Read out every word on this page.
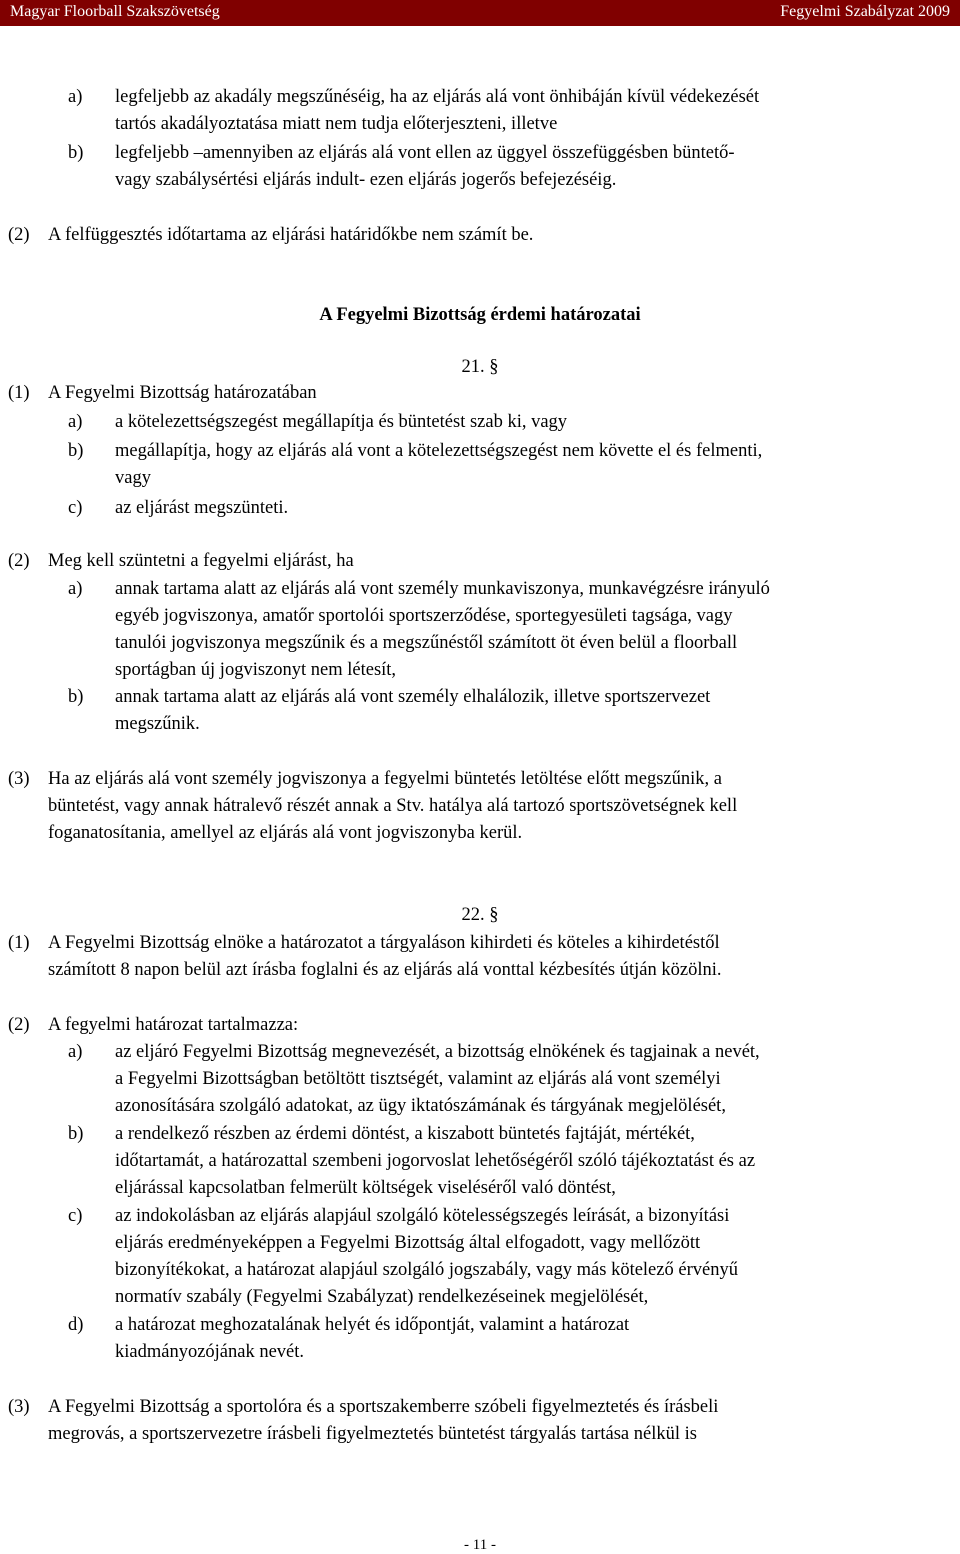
Magyar Floorball Szakszövetség	Fegyelmi Szabályzat 2009
A Fegyelmi Bizottság érdemi határozatai
21. §
22. §
a) legfeljebb az akadály megszűnéséig, ha az eljárás alá vont önhibáján kívül védekezését
tartós akadályoztatása miatt nem tudja előterjeszteni, illetve
b) legfeljebb –amennyiben az eljárás alá vont ellen az üggyel összefüggésben büntető-
vagy szabálysértési eljárás indult- ezen eljárás jogerős befejezéséig.
(2) A felfüggesztés időtartama az eljárási határidőkbe nem számít be.
(1) A Fegyelmi Bizottság határozatában
a) a kötelezettségszegést megállapítja és büntetést szab ki, vagy
b) megállapítja, hogy az eljárás alá vont a kötelezettségszegést nem követte el és felmenti,
vagy
c) az eljárást megszünteti.
(2) Meg kell szüntetni a fegyelmi eljárást, ha
a) annak tartama alatt az eljárás alá vont személy munkaviszonya, munkavégzésre irányuló
egyéb jogviszonya, amatőr sportolói sportszerződése, sportegyesületi tagsága, vagy
tanulói jogviszonya megszűnik és a megszűnéstől számított öt éven belül a floorball
sportágban új jogviszonyt nem létesít,
b) annak tartama alatt az eljárás alá vont személy elhalálozik, illetve sportszervezet
megszűnik.
(3) Ha az eljárás alá vont személy jogviszonya a fegyelmi büntetés letöltése előtt megszűnik, a
büntetést, vagy annak hátralevő részét annak a Stv. hatálya alá tartozó sportszövetségnek kell
foganatosítania, amellyel az eljárás alá vont jogviszonyba kerül.
(1) A Fegyelmi Bizottság elnöke a határozatot a tárgyaláson kihirdeti és köteles a kihirdetéstől
számított 8 napon belül azt írásba foglalni és az eljárás alá vonttal kézbesítés útján közölni.
(2) A fegyelmi határozat tartalmazza:
a) az eljáró Fegyelmi Bizottság megnevezését, a bizottság elnökének és tagjainak a nevét,
a Fegyelmi Bizottságban betöltött tisztségét, valamint az eljárás alá vont személyi
azonosítására szolgáló adatokat, az ügy iktatószámának és tárgyának megjelölését,
b) a rendelkező részben az érdemi döntést, a kiszabott büntetés fajtáját, mértékét,
időtartamát, a határozattal szembeni jogorvoslat lehetőségéről szóló tájékoztatást és az
eljárással kapcsolatban felmerült költségek viseléséről való döntést,
c) az indokolásban az eljárás alapjául szolgáló kötelességszegés leírását, a bizonyítási
eljárás eredményeképpen a Fegyelmi Bizottság által elfogadott, vagy mellőzött
bizonyítékokat, a határozat alapjául szolgáló jogszabály, vagy más kötelező érvényű
normatív szabály (Fegyelmi Szabályzat) rendelkezéseinek megjelölését,
d) a határozat meghozatalának helyét és időpontját, valamint a határozat
kiadmányozójának nevét.
(3) A Fegyelmi Bizottság a sportolóra és a sportszakemberre szóbeli figyelmeztetés és írásbeli
megrovás, a sportszervezetre írásbeli figyelmeztetés büntetést tárgyalás tartása nélkül is
- 11 -
